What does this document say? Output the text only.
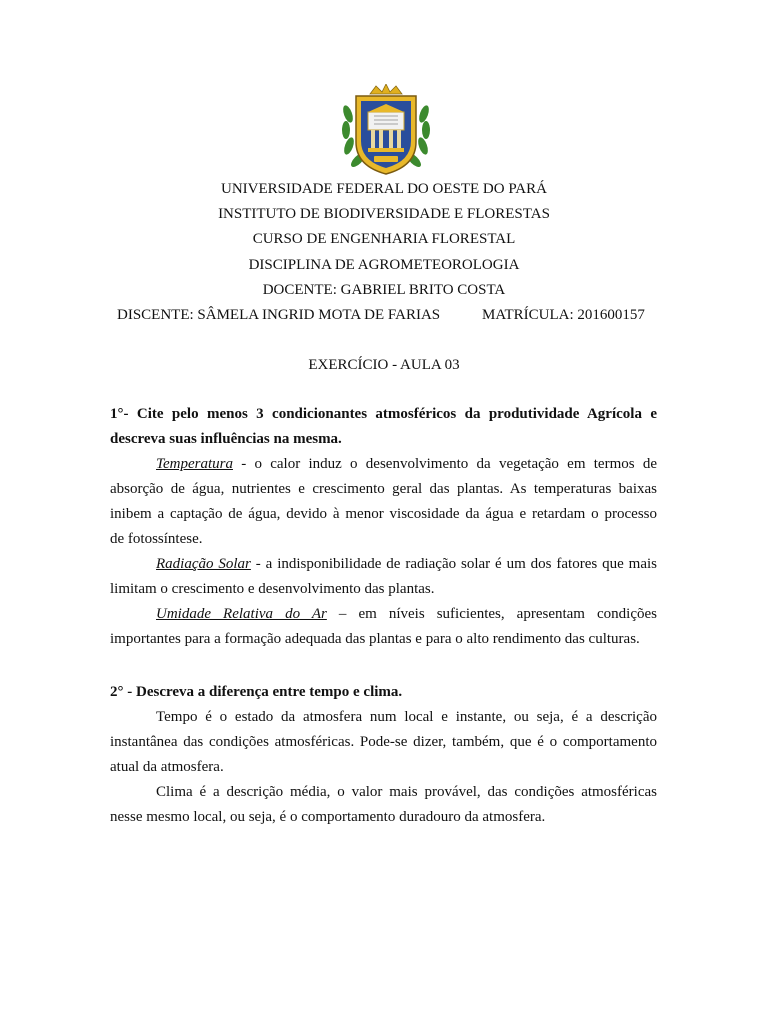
UNIVERSIDADE FEDERAL DO OESTE DO PARÁ
INSTITUTO DE BIODIVERSIDADE E FLORESTAS
CURSO DE ENGENHARIA FLORESTAL
DISCIPLINA DE AGROMETEOROLOGIA
DOCENTE: GABRIEL BRITO COSTA
DISCENTE: SÂMELA INGRID MOTA DE FARIAS	MATRÍCULA: 201600157
EXERCÍCIO - AULA 03

1°- Cite pelo menos 3 condicionantes atmosféricos da produtividade Agrícola e

descreva suas influências na mesma.

Temperatura - o calor induz o desenvolvimento da vegetação em termos de

absorção de água, nutrientes e crescimento geral das plantas. As temperaturas baixas

inibem a captação de água, devido à menor viscosidade da água e retardam o processo

de fotossíntese.

Radiação Solar - a indisponibilidade de radiação solar é um dos fatores que mais

limitam o crescimento e desenvolvimento das plantas.

Umidade Relativa do Ar – em níveis suficientes, apresentam condições

importantes para a formação adequada das plantas e para o alto rendimento das culturas.

2° - Descreva a diferença entre tempo e clima.

Tempo é o estado da atmosfera num local e instante, ou seja, é a descrição

instantânea das condições atmosféricas. Pode-se dizer, também, que é o comportamento

atual da atmosfera.

Clima é a descrição média, o valor mais provável, das condições atmosféricas

nesse mesmo local, ou seja, é o comportamento duradouro da atmosfera.
